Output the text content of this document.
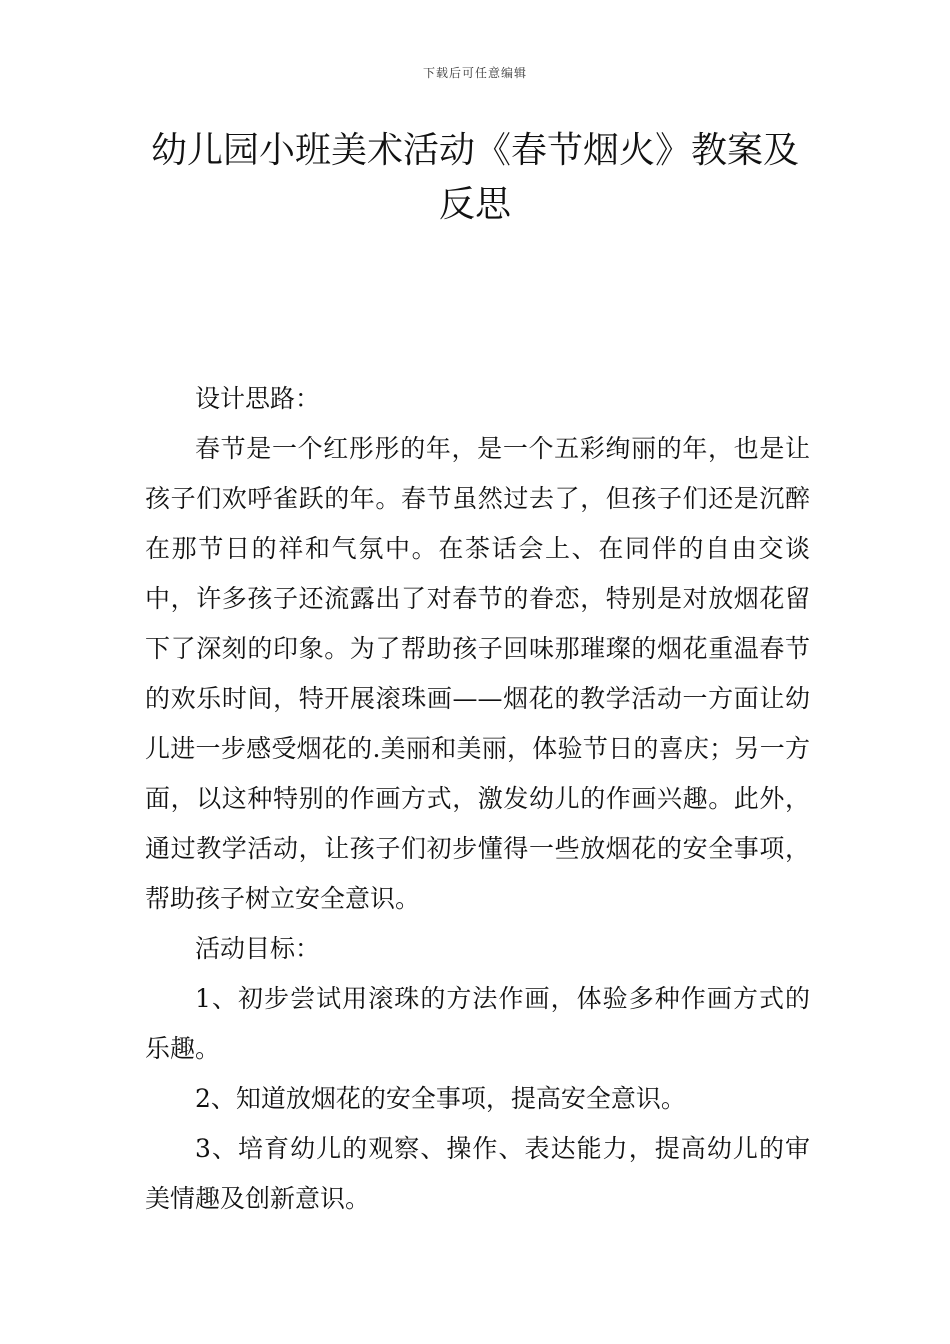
下载后可任意编辑
幼儿园小班美术活动《春节烟火》教案及反思

设计思路：

春节是一个红彤彤的年，是一个五彩绚丽的年，也是让孩子们欢呼雀跃的年。春节虽然过去了，但孩子们还是沉醉在那节日的祥和气氛中。在茶话会上、在同伴的自由交谈中，许多孩子还流露出了对春节的眷恋，特别是对放烟花留下了深刻的印象。为了帮助孩子回味那璀璨的烟花重温春节的欢乐时间，特开展滚珠画——烟花的教学活动一方面让幼儿进一步感受烟花的.美丽和美丽，体验节日的喜庆；另一方面，以这种特别的作画方式，激发幼儿的作画兴趣。此外，通过教学活动，让孩子们初步懂得一些放烟花的安全事项，帮助孩子树立安全意识。

活动目标：

1、初步尝试用滚珠的方法作画，体验多种作画方式的乐趣。

2、知道放烟花的安全事项，提高安全意识。

3、培育幼儿的观察、操作、表达能力，提高幼儿的审美情趣及创新意识。
